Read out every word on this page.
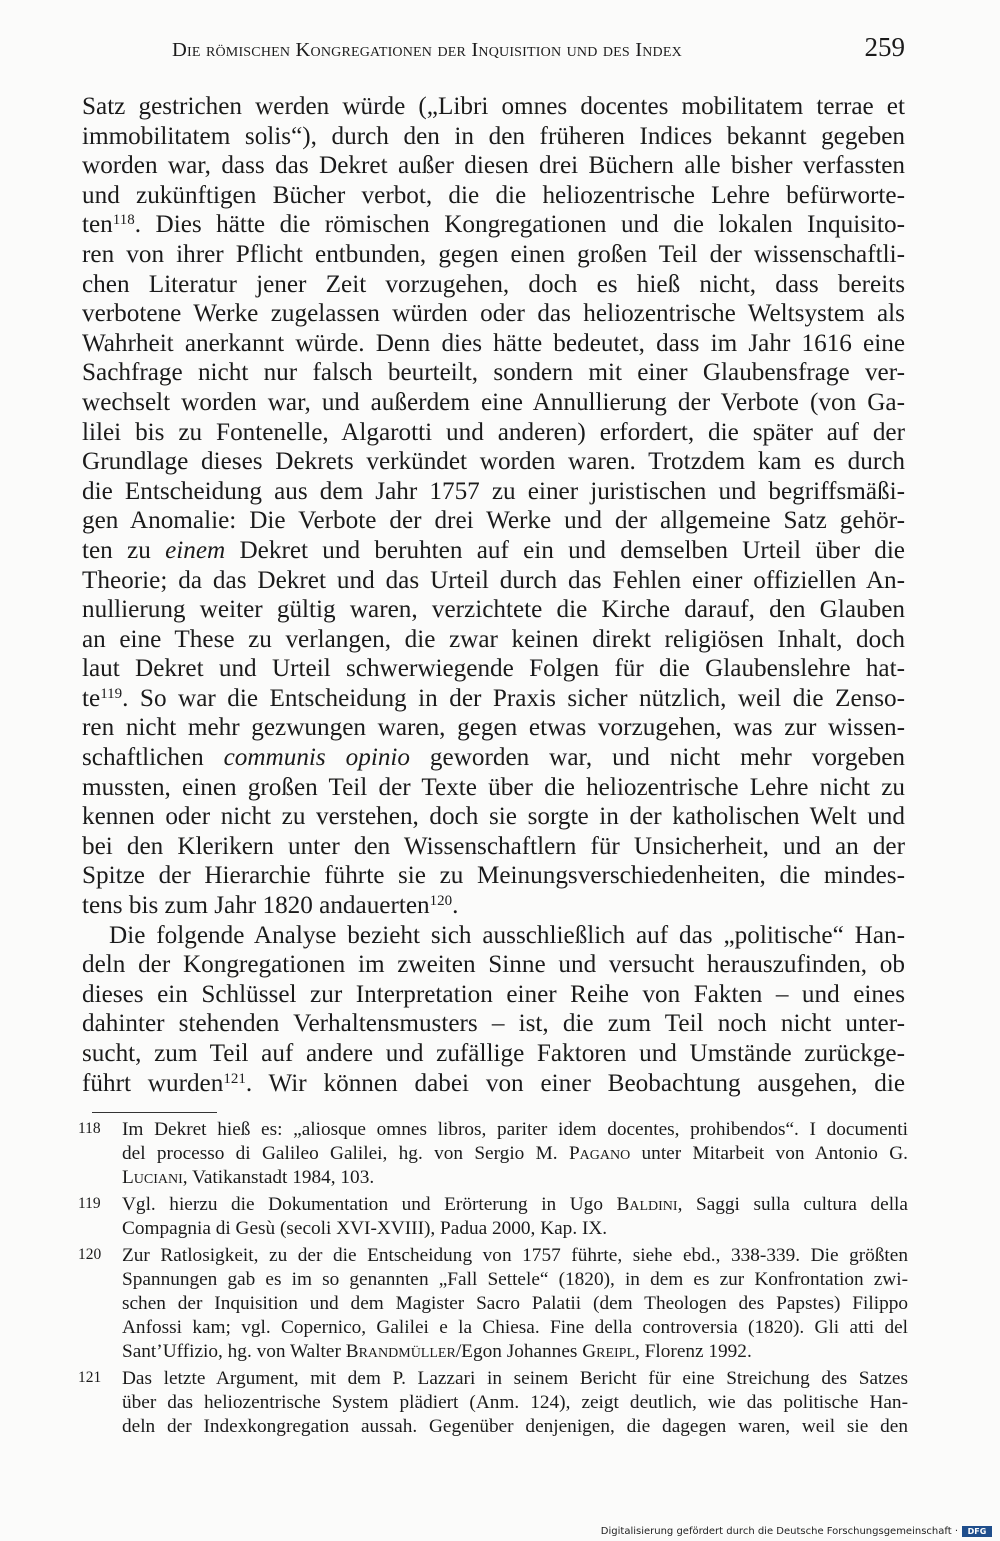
Die römischen Kongregationen der Inquisition und des Index	259
Satz gestrichen werden würde („Libri omnes docentes mobilitatem terrae et
immobilitatem solis“), durch den in den früheren Indices bekannt gegeben
worden war, dass das Dekret außer diesen drei Büchern alle bisher verfassten
und zukünftigen Bücher verbot, die die heliozentrische Lehre befürworte-
ten$^{118}$. Dies hätte die römischen Kongregationen und die lokalen Inquisito-
ren von ihrer Pflicht entbunden, gegen einen großen Teil der wissenschaftli-
chen Literatur jener Zeit vorzugehen, doch es hieß nicht, dass bereits
verbotene Werke zugelassen würden oder das heliozentrische Weltsystem als
Wahrheit anerkannt würde. Denn dies hätte bedeutet, dass im Jahr 1616 eine
Sachfrage nicht nur falsch beurteilt, sondern mit einer Glaubensfrage ver-
wechselt worden war, und außerdem eine Annullierung der Verbote (von Ga-
lilei bis zu Fontenelle, Algarotti und anderen) erfordert, die später auf der
Grundlage dieses Dekrets verkündet worden waren. Trotzdem kam es durch
die Entscheidung aus dem Jahr 1757 zu einer juristischen und begriffsmäßi-
gen Anomalie: Die Verbote der drei Werke und der allgemeine Satz gehör-
ten zu einem Dekret und beruhten auf ein und demselben Urteil über die
Theorie; da das Dekret und das Urteil durch das Fehlen einer offiziellen An-
nullierung weiter gültig waren, verzichtete die Kirche darauf, den Glauben
an eine These zu verlangen, die zwar keinen direkt religiösen Inhalt, doch
laut Dekret und Urteil schwerwiegende Folgen für die Glaubenslehre hat-
$te^{119}$. So war die Entscheidung in der Praxis sicher nützlich, weil die Zenso-
ren nicht mehr gezwungen waren, gegen etwas vorzugehen, was zur wissen-
schaftlichen communis opinio geworden war, und nicht mehr vorgeben
mussten, einen großen Teil der Texte über die heliozentrische Lehre nicht zu
kennen oder nicht zu verstehen, doch sie sorgte in der katholischen Welt und
bei den Klerikern unter den Wissenschaftlern für Unsicherheit, und an der
Spitze der Hierarchie führte sie zu Meinungsverschiedenheiten, die mindes-
tens bis zum Jahr 1820 andauerten$^{120}$.
Die folgende Analyse bezieht sich ausschließlich auf das „politische“ Han-
deln der Kongregationen im zweiten Sinne und versucht herauszufinden, ob
dieses ein Schlüssel zur Interpretation einer Reihe von Fakten – und eines
dahinter stehenden Verhaltensmusters – ist, die zum Teil noch nicht unter-
sucht, zum Teil auf andere und zufällige Faktoren und Umstände zurückge-
führt wurden$^{121}$. Wir können dabei von einer Beobachtung ausgehen, die
118	Im Dekret hieß es: „aliosque omnes libros, pariter idem docentes, prohibendos“. I documenti
del processo di Galileo Galilei, hg. von Sergio M. Pagano unter Mitarbeit von Antonio G.
Luciani, Vatikanstadt 1984, 103.
119	Vgl. hierzu die Dokumentation und Erörterung in Ugo Baldini, Saggi sulla cultura della
Compagnia di Gesù (secoli XVI-XVIII), Padua 2000, Kap. IX.
120	Zur Ratlosigkeit, zu der die Entscheidung von 1757 führte, siehe ebd., 338-339. Die größten
Spannungen gab es im so genannten „Fall Settele“ (1820), in dem es zur Konfrontation zwi-
schen der Inquisition und dem Magister Sacro Palatii (dem Theologen des Papstes) Filippo
Anfossi kam; vgl. Copernico, Galilei e la Chiesa. Fine della controversia (1820). Gli atti del
Sant’Uffizio, hg. von Walter Brandmüller/Egon Johannes Greipl, Florenz 1992.
121	Das letzte Argument, mit dem P. Lazzari in seinem Bericht für eine Streichung des Satzes
über das heliozentrische System plädiert (Anm. 124), zeigt deutlich, wie das politische Han-
deln der Indexkongregation aussah. Gegenüber denjenigen, die dagegen waren, weil sie den
Digitalisierung gefördert durch die Deutsche Forschungsgemeinschaft ·	DFG
